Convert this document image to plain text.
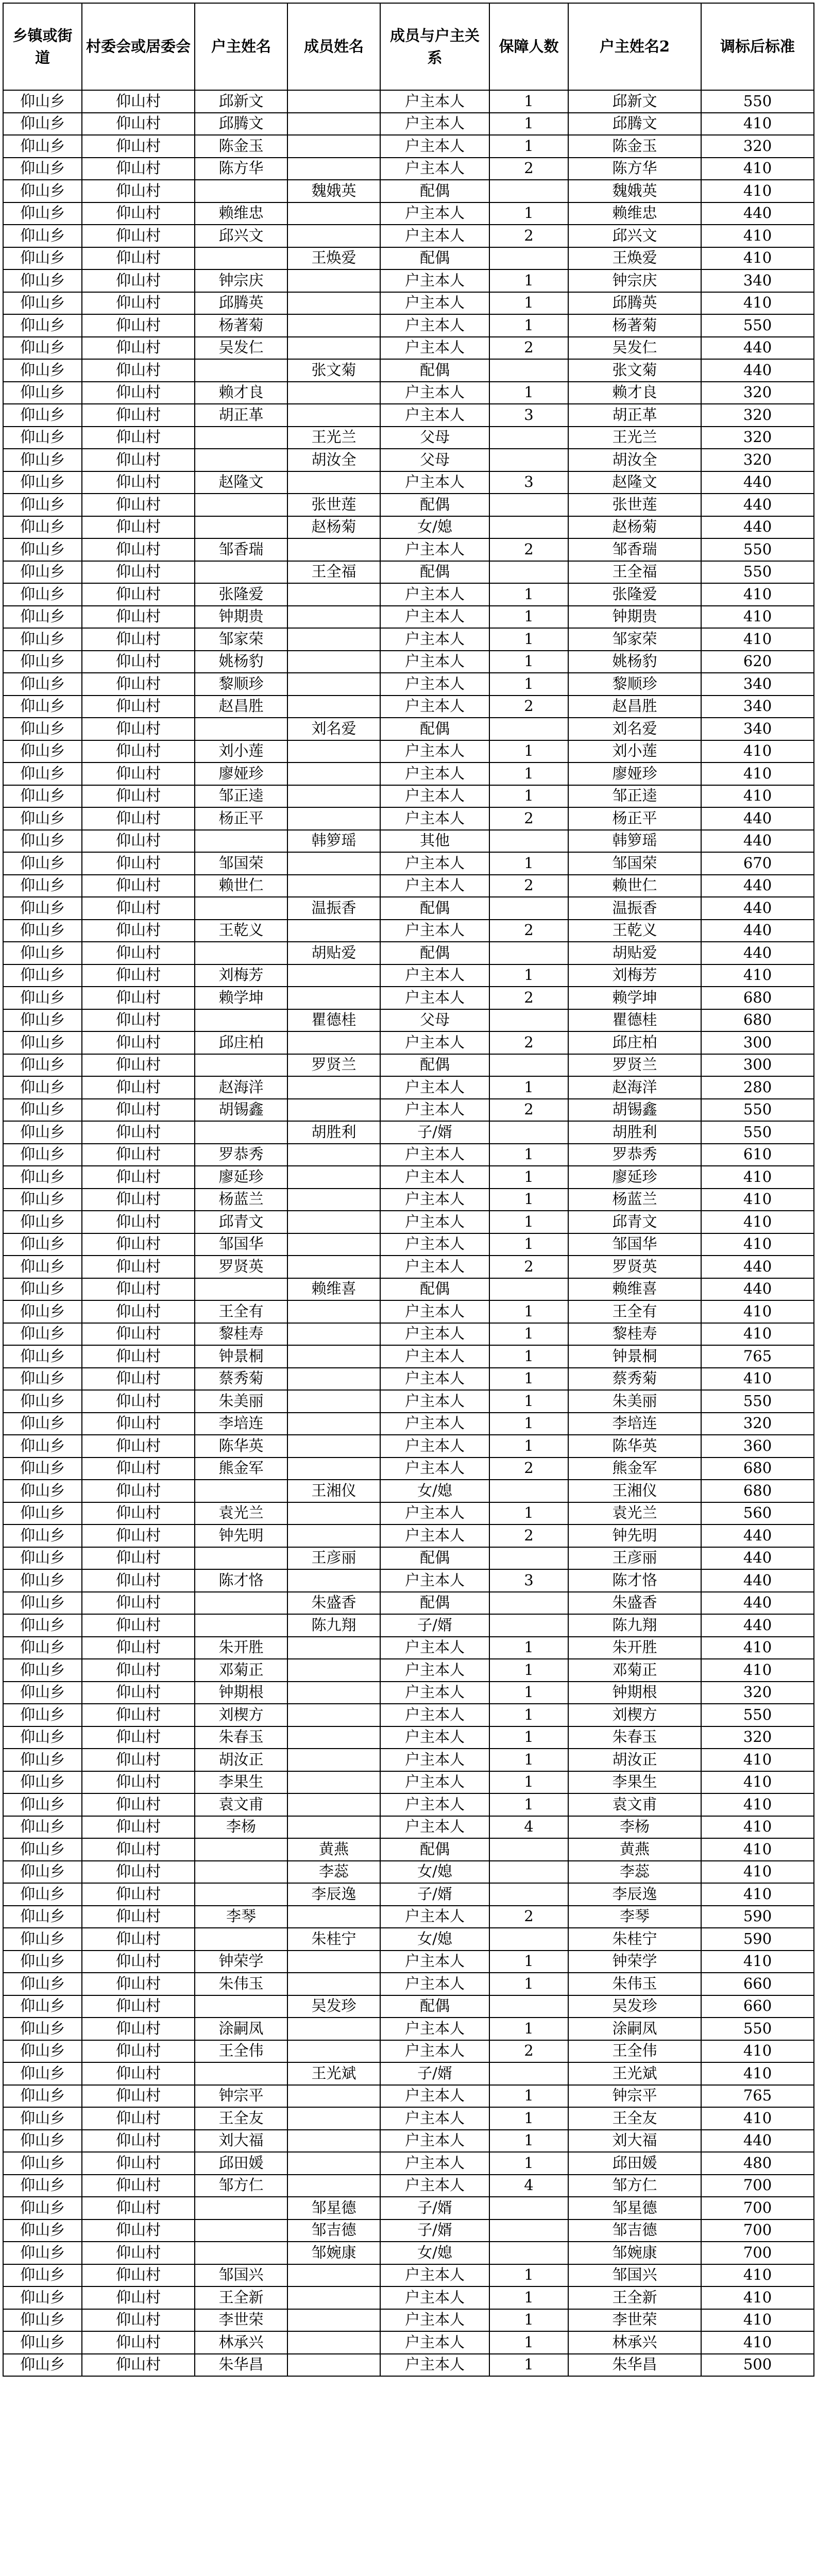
乡镇或街道	村委会或居委会	户主姓名	成员姓名	成员与户主关系	保障人数	户主姓名2	调标后标准
仰山乡	仰山村	邱新文		户主本人	1	邱新文	550
仰山乡	仰山村	邱腾文		户主本人	1	邱腾文	410
仰山乡	仰山村	陈金玉		户主本人	1	陈金玉	320
仰山乡	仰山村	陈方华		户主本人	2	陈方华	410
仰山乡	仰山村		魏娥英	配偶		魏娥英	410
仰山乡	仰山村	赖维忠		户主本人	1	赖维忠	440
仰山乡	仰山村	邱兴文		户主本人	2	邱兴文	410
仰山乡	仰山村		王焕爱	配偶		王焕爱	410
仰山乡	仰山村	钟宗庆		户主本人	1	钟宗庆	340
仰山乡	仰山村	邱腾英		户主本人	1	邱腾英	410
仰山乡	仰山村	杨著菊		户主本人	1	杨著菊	550
仰山乡	仰山村	吴发仁		户主本人	2	吴发仁	440
仰山乡	仰山村		张文菊	配偶		张文菊	440
仰山乡	仰山村	赖才良		户主本人	1	赖才良	320
仰山乡	仰山村	胡正革		户主本人	3	胡正革	320
仰山乡	仰山村		王光兰	父母		王光兰	320
仰山乡	仰山村		胡汝全	父母		胡汝全	320
仰山乡	仰山村	赵隆文		户主本人	3	赵隆文	440
仰山乡	仰山村		张世莲	配偶		张世莲	440
仰山乡	仰山村		赵杨菊	女/媳		赵杨菊	440
仰山乡	仰山村	邹香瑞		户主本人	2	邹香瑞	550
仰山乡	仰山村		王全福	配偶		王全福	550
仰山乡	仰山村	张隆爱		户主本人	1	张隆爱	410
仰山乡	仰山村	钟期贵		户主本人	1	钟期贵	410
仰山乡	仰山村	邹家荣		户主本人	1	邹家荣	410
仰山乡	仰山村	姚杨豹		户主本人	1	姚杨豹	620
仰山乡	仰山村	黎顺珍		户主本人	1	黎顺珍	340
仰山乡	仰山村	赵昌胜		户主本人	2	赵昌胜	340
仰山乡	仰山村		刘名爱	配偶		刘名爱	340
仰山乡	仰山村	刘小莲		户主本人	1	刘小莲	410
仰山乡	仰山村	廖娅珍		户主本人	1	廖娅珍	410
仰山乡	仰山村	邹正逵		户主本人	1	邹正逵	410
仰山乡	仰山村	杨正平		户主本人	2	杨正平	440
仰山乡	仰山村		韩箩瑶	其他		韩箩瑶	440
仰山乡	仰山村	邹国荣		户主本人	1	邹国荣	670
仰山乡	仰山村	赖世仁		户主本人	2	赖世仁	440
仰山乡	仰山村		温振香	配偶		温振香	440
仰山乡	仰山村	王乾义		户主本人	2	王乾义	440
仰山乡	仰山村		胡贴爱	配偶		胡贴爱	440
仰山乡	仰山村	刘梅芳		户主本人	1	刘梅芳	410
仰山乡	仰山村	赖学坤		户主本人	2	赖学坤	680
仰山乡	仰山村		瞿德桂	父母		瞿德桂	680
仰山乡	仰山村	邱庄柏		户主本人	2	邱庄柏	300
仰山乡	仰山村		罗贤兰	配偶		罗贤兰	300
仰山乡	仰山村	赵海洋		户主本人	1	赵海洋	280
仰山乡	仰山村	胡锡鑫		户主本人	2	胡锡鑫	550
仰山乡	仰山村		胡胜利	子/婿		胡胜利	550
仰山乡	仰山村	罗恭秀		户主本人	1	罗恭秀	610
仰山乡	仰山村	廖延珍		户主本人	1	廖延珍	410
仰山乡	仰山村	杨蓝兰		户主本人	1	杨蓝兰	410
仰山乡	仰山村	邱青文		户主本人	1	邱青文	410
仰山乡	仰山村	邹国华		户主本人	1	邹国华	410
仰山乡	仰山村	罗贤英		户主本人	2	罗贤英	440
仰山乡	仰山村		赖维喜	配偶		赖维喜	440
仰山乡	仰山村	王全有		户主本人	1	王全有	410
仰山乡	仰山村	黎桂寿		户主本人	1	黎桂寿	410
仰山乡	仰山村	钟景桐		户主本人	1	钟景桐	765
仰山乡	仰山村	蔡秀菊		户主本人	1	蔡秀菊	410
仰山乡	仰山村	朱美丽		户主本人	1	朱美丽	550
仰山乡	仰山村	李培连		户主本人	1	李培连	320
仰山乡	仰山村	陈华英		户主本人	1	陈华英	360
仰山乡	仰山村	熊金军		户主本人	2	熊金军	680
仰山乡	仰山村		王湘仪	女/媳		王湘仪	680
仰山乡	仰山村	袁光兰		户主本人	1	袁光兰	560
仰山乡	仰山村	钟先明		户主本人	2	钟先明	440
仰山乡	仰山村		王彦丽	配偶		王彦丽	440
仰山乡	仰山村	陈才恪		户主本人	3	陈才恪	440
仰山乡	仰山村		朱盛香	配偶		朱盛香	440
仰山乡	仰山村		陈九翔	子/婿		陈九翔	440
仰山乡	仰山村	朱开胜		户主本人	1	朱开胜	410
仰山乡	仰山村	邓菊正		户主本人	1	邓菊正	410
仰山乡	仰山村	钟期根		户主本人	1	钟期根	320
仰山乡	仰山村	刘楔方		户主本人	1	刘楔方	550
仰山乡	仰山村	朱春玉		户主本人	1	朱春玉	320
仰山乡	仰山村	胡汝正		户主本人	1	胡汝正	410
仰山乡	仰山村	李果生		户主本人	1	李果生	410
仰山乡	仰山村	袁文甫		户主本人	1	袁文甫	410
仰山乡	仰山村	李杨		户主本人	4	李杨	410
仰山乡	仰山村		黄燕	配偶		黄燕	410
仰山乡	仰山村		李蕊	女/媳		李蕊	410
仰山乡	仰山村		李辰逸	子/婿		李辰逸	410
仰山乡	仰山村	李琴		户主本人	2	李琴	590
仰山乡	仰山村		朱桂宁	女/媳		朱桂宁	590
仰山乡	仰山村	钟荣学		户主本人	1	钟荣学	410
仰山乡	仰山村	朱伟玉		户主本人	1	朱伟玉	660
仰山乡	仰山村		吴发珍	配偶		吴发珍	660
仰山乡	仰山村	涂嗣凤		户主本人	1	涂嗣凤	550
仰山乡	仰山村	王全伟		户主本人	2	王全伟	410
仰山乡	仰山村		王光斌	子/婿		王光斌	410
仰山乡	仰山村	钟宗平		户主本人	1	钟宗平	765
仰山乡	仰山村	王全友		户主本人	1	王全友	410
仰山乡	仰山村	刘大福		户主本人	1	刘大福	440
仰山乡	仰山村	邱田媛		户主本人	1	邱田媛	480
仰山乡	仰山村	邹方仁		户主本人	4	邹方仁	700
仰山乡	仰山村		邹星德	子/婿		邹星德	700
仰山乡	仰山村		邹吉德	子/婿		邹吉德	700
仰山乡	仰山村		邹婉康	女/媳		邹婉康	700
仰山乡	仰山村	邹国兴		户主本人	1	邹国兴	410
仰山乡	仰山村	王全新		户主本人	1	王全新	410
仰山乡	仰山村	李世荣		户主本人	1	李世荣	410
仰山乡	仰山村	林承兴		户主本人	1	林承兴	410
仰山乡	仰山村	朱华昌		户主本人	1	朱华昌	500
